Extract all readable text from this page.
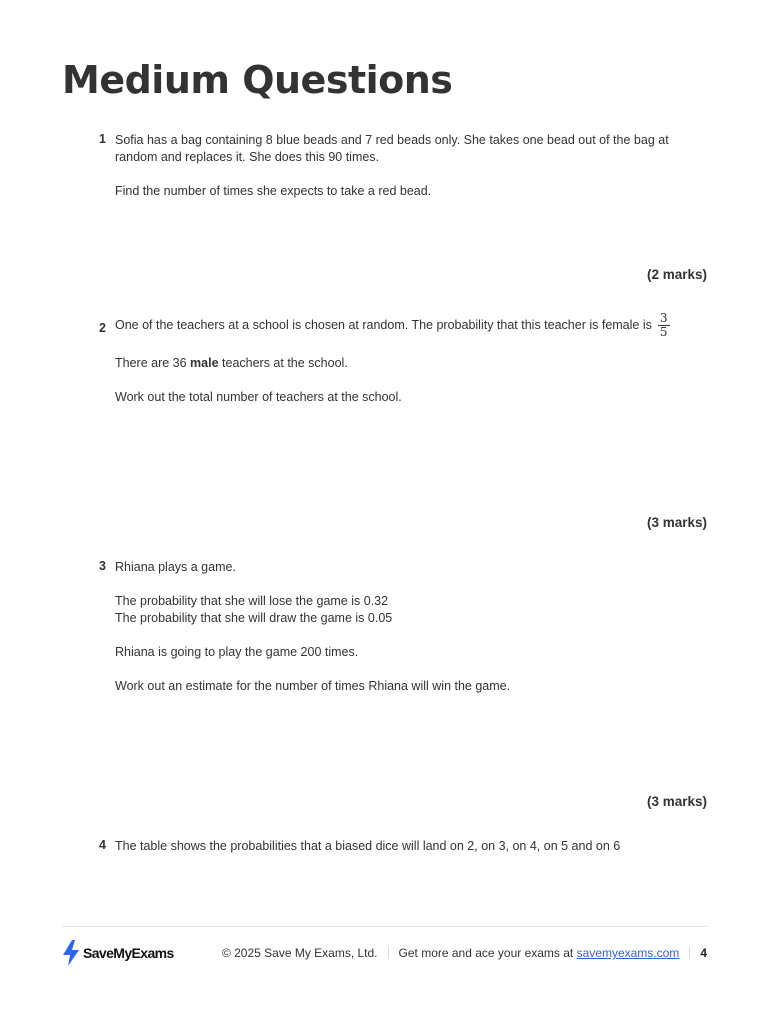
Medium Questions
1 Sofia has a bag containing 8 blue beads and 7 red beads only. She takes one bead out of the bag at random and replaces it. She does this 90 times.

Find the number of times she expects to take a red bead.

(2 marks)
2 One of the teachers at a school is chosen at random. The probability that this teacher is female is $\frac{3}{5}$

There are 36 male teachers at the school.

Work out the total number of teachers at the school.

(3 marks)
3 Rhiana plays a game.

The probability that she will lose the game is 0.32

The probability that she will draw the game is 0.05

Rhiana is going to play the game 200 times.

Work out an estimate for the number of times Rhiana will win the game.

(3 marks)
4 The table shows the probabilities that a biased dice will land on 2, on 3, on 4, on 5 and on 6

SaveMyExams	© 2025 Save My Exams, Ltd. Get more and ace your exams at
savemyexams.com 4
